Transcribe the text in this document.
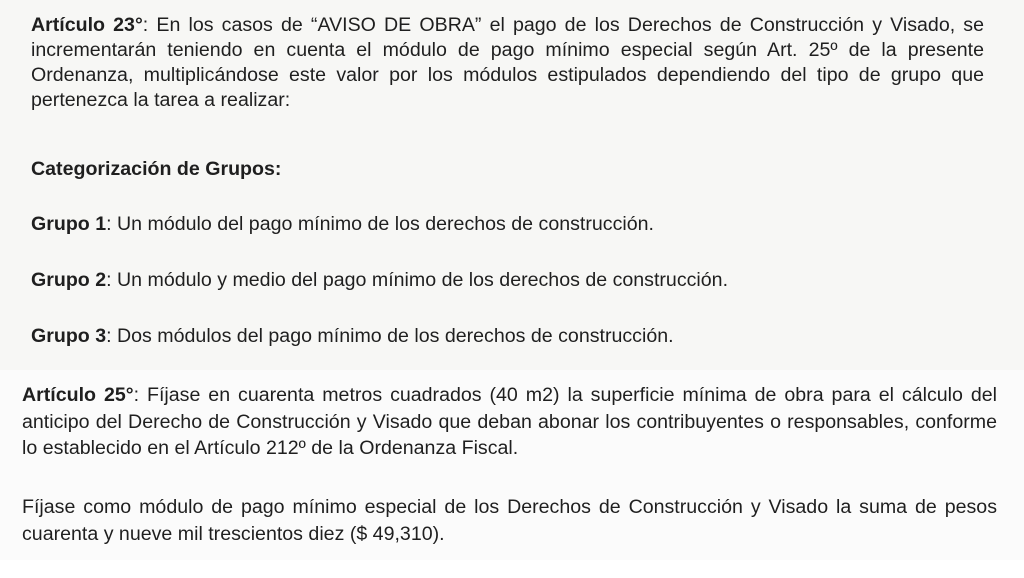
Artículo 23°: En los casos de “AVISO DE OBRA” el pago de los Derechos de Construcción y Visado, se incrementarán teniendo en cuenta el módulo de pago mínimo especial según Art. 25º de la presente Ordenanza, multiplicándose este valor por los módulos estipulados dependiendo del tipo de grupo que pertenezca la tarea a realizar:

Categorización de Grupos:

Grupo 1: Un módulo del pago mínimo de los derechos de construcción.

Grupo 2: Un módulo y medio del pago mínimo de los derechos de construcción.

Grupo 3: Dos módulos del pago mínimo de los derechos de construcción.

Artículo 25°: Fíjase en cuarenta metros cuadrados (40 m2) la superficie mínima de obra para el cálculo del anticipo del Derecho de Construcción y Visado que deban abonar los contribuyentes o responsables, conforme lo establecido en el Artículo 212º de la Ordenanza Fiscal.

Fíjase como módulo de pago mínimo especial de los Derechos de Construcción y Visado la suma de pesos cuarenta y nueve mil trescientos diez ($ 49,310).
